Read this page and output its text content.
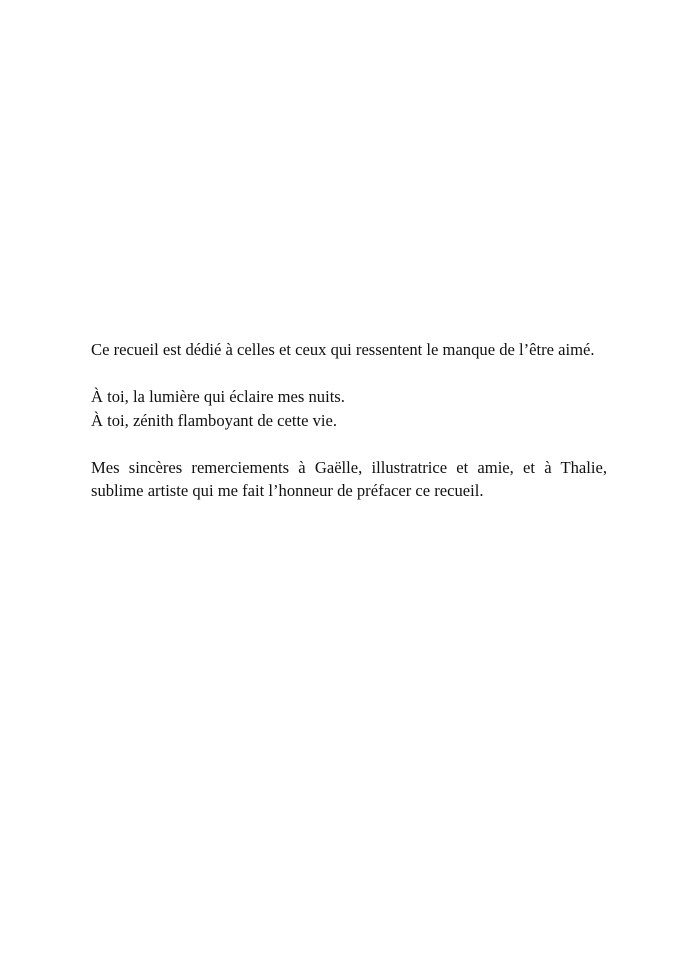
Ce recueil est dédié à celles et ceux qui ressentent le manque de l’être aimé.

À toi, la lumière qui éclaire mes nuits.
À toi, zénith flamboyant de cette vie.

Mes sincères remerciements à Gaëlle, illustratrice et amie, et à Thalie, sublime artiste qui me fait l’honneur de préfacer ce recueil.
